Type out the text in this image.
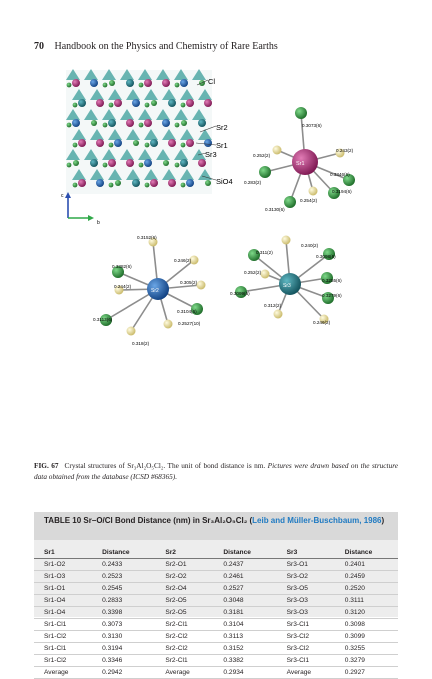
70 Handbook on the Physics and Chemistry of Rare Earths
Cl
Sr2
Sr1
Sr3
SiO4
c
b
Sr1
0.3073(6)
0.243(2)
0.252(2)
0.3346(6)
0.283(2)
0.3194(6)
0.254(2)
0.3130(6)
Sr2
0.3152(6)
0.3382(6)
0.246(2)
0.244(2)
0.305(2)
0.3104(6)
0.3113(6)
0.2527(10)
0.318(2)
Sr3
0.240(2)
0.311(2)
0.3098(6)
0.252(2)
0.3255(6)
0.3099(6)	0.3279(6)
0.312(2)
0.246(2)
FIG. 67 Crystal structures of Sr₃Al₂O₅Cl₂. The unit of bond distance is nm. Pictures were drawn based on the structure data obtained from the database (ICSD #68365).
TABLE 10 Sr–O/Cl Bond Distance (nm) in Sr₃Al₂O₅Cl₂ (Leib and Müller-Buschbaum, 1986)
Sr1	Distance	Sr2	Distance	Sr3	Distance
Sr1-O2	0.2433	Sr2-O1	0.2437	Sr3-O1	0.2401
Sr1-O3	0.2523	Sr2-O2	0.2461	Sr3-O2	0.2459
Sr1-O1	0.2545	Sr2-O4	0.2527	Sr3-O5	0.2520
Sr1-O4	0.2833	Sr2-O5	0.3048	Sr3-O3	0.3111
Sr1-O4	0.3398	Sr2-O5	0.3181	Sr3-O3	0.3120
Sr1-Cl1	0.3073	Sr2-Cl1	0.3104	Sr3-Cl1	0.3098
Sr1-Cl2	0.3130	Sr2-Cl2	0.3113	Sr3-Cl2	0.3099
Sr1-Cl1	0.3194	Sr2-Cl2	0.3152	Sr3-Cl2	0.3255
Sr1-Cl2	0.3346	Sr2-Cl1	0.3382	Sr3-Cl1	0.3279
Average	0.2942	Average	0.2934	Average	0.2927
